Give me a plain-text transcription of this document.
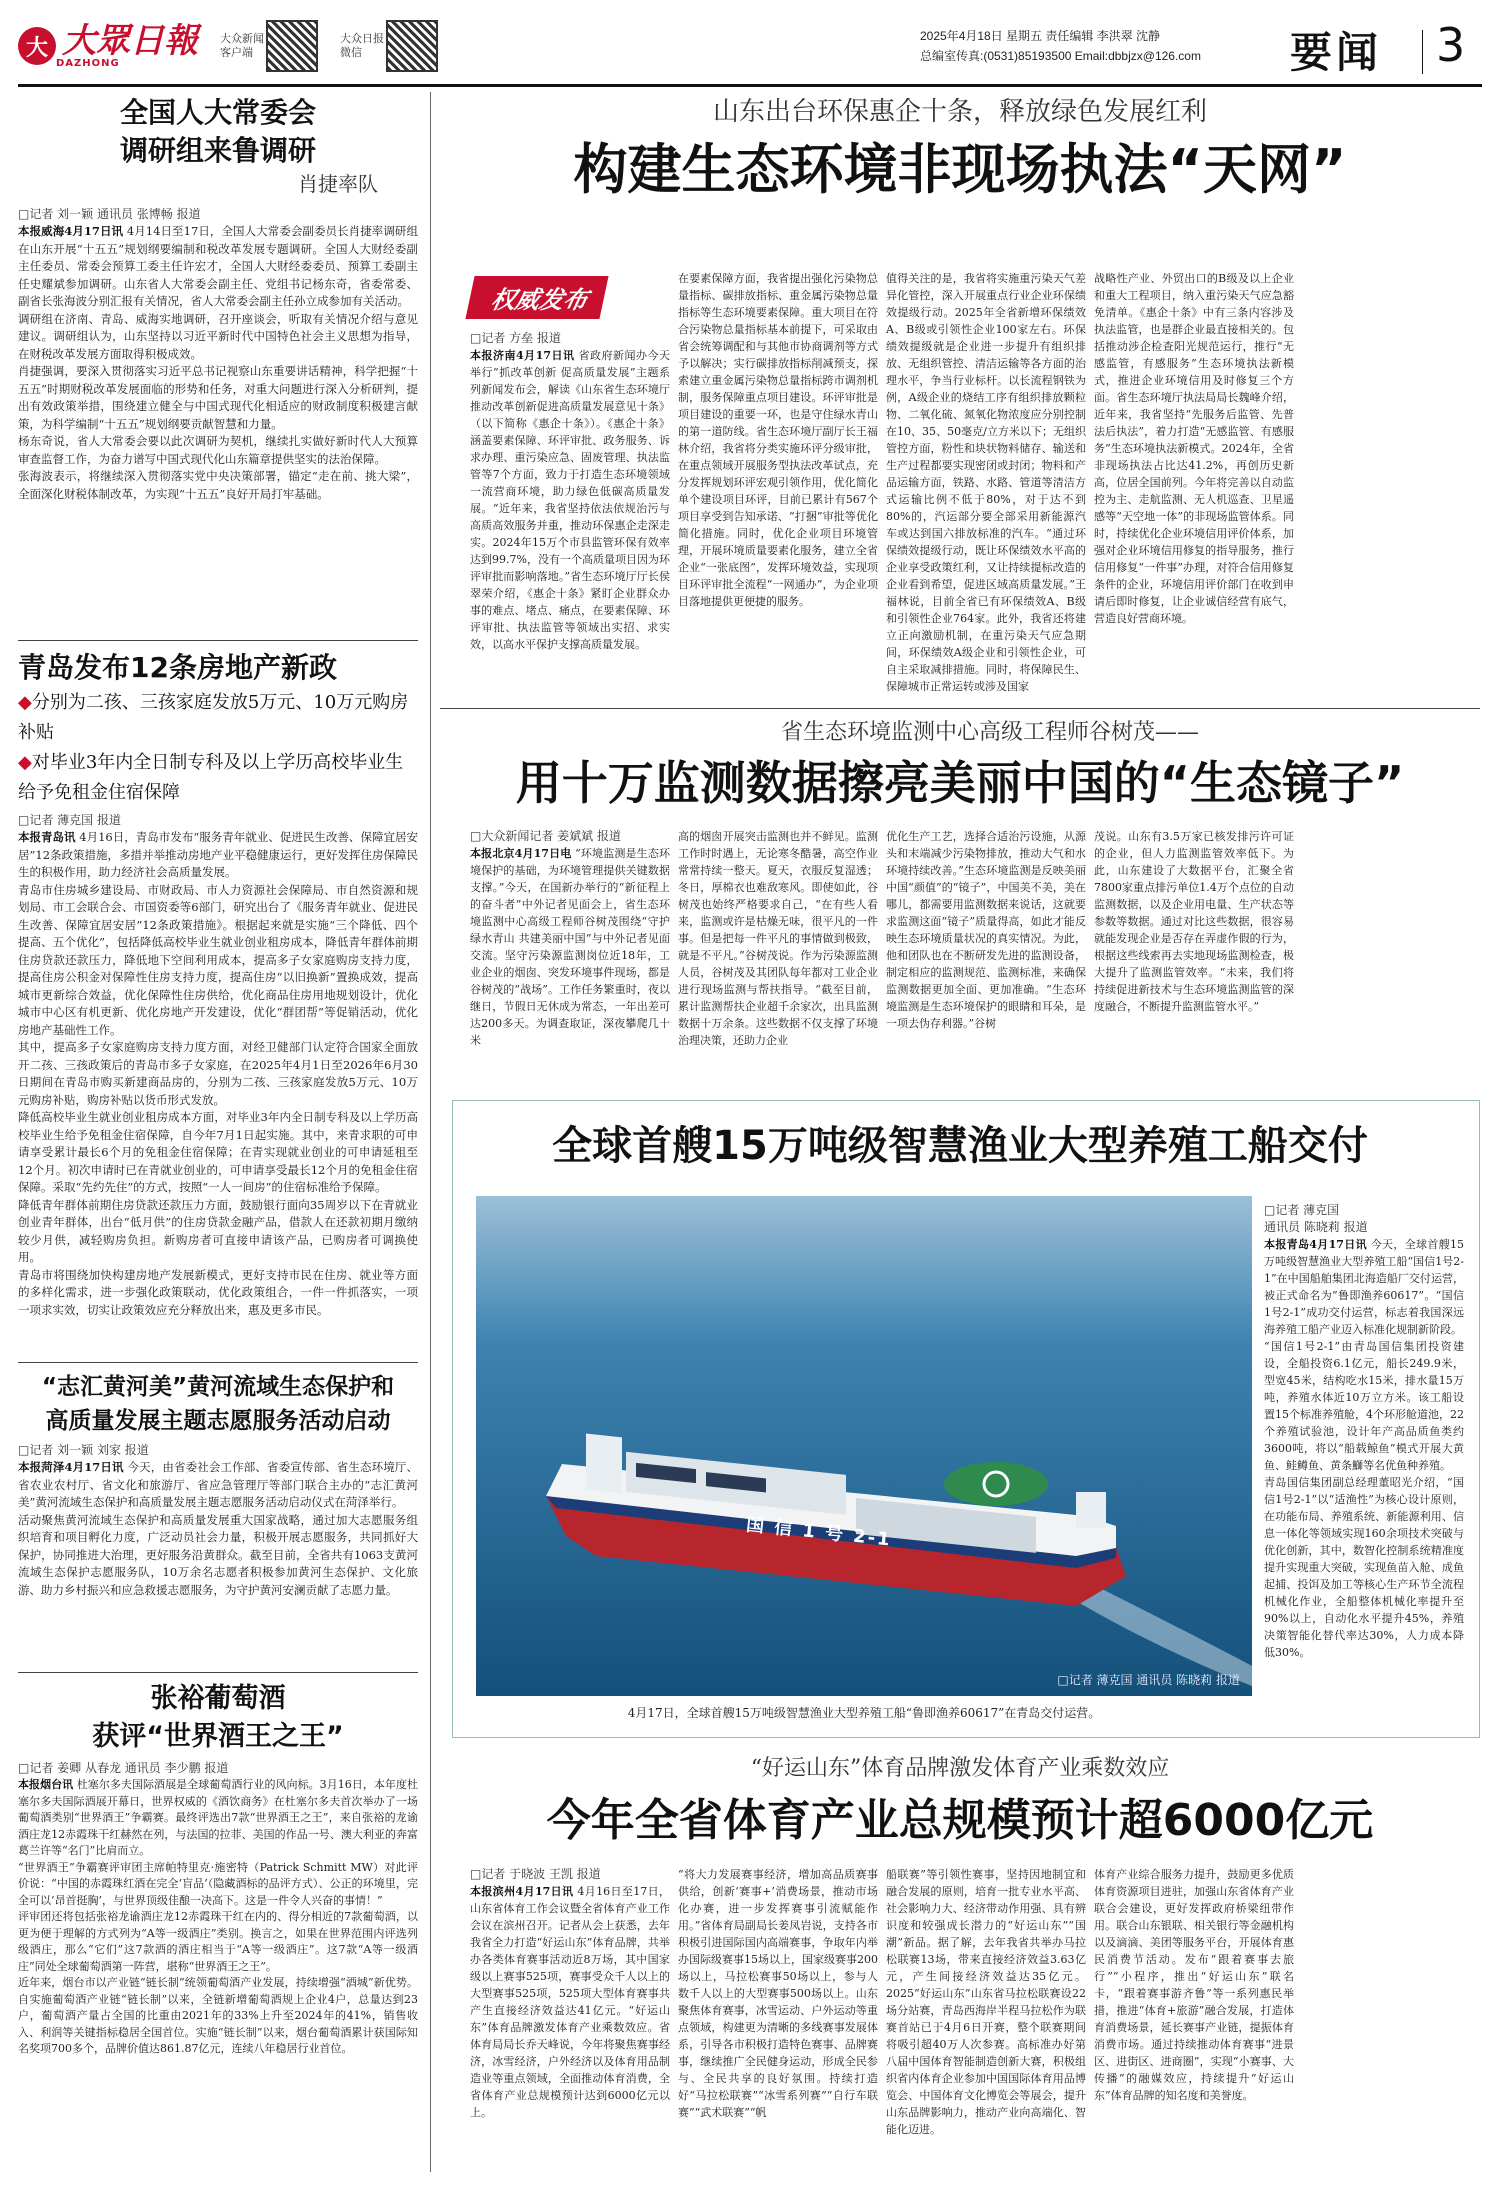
大 大眾日報
DAZHONG
大众新闻客户端
大众日报微信
2025年4月18日 星期五 责任编辑 李洪翠 沈静
总编室传真:(0531)85193500 Email:dbbjzx@126.com	要闻 3
全国人大常委会
调研组来鲁调研
肖捷率队
□记者 刘一颖 通讯员 张博畅 报道

本报威海4月17日讯 4月14日至17日，全国人大常委会副委员长肖捷率调研组在山东开展“十五五”规划纲要编制和税改革发展专题调研。全国人大财经委副主任委员、常委会预算工委主任许宏才，全国人大财经委委员、预算工委副主任史耀斌参加调研。山东省人大常委会副主任、党组书记杨东奇，省委常委、副省长张海波分别汇报有关情况，省人大常委会副主任孙立成参加有关活动。

调研组在济南、青岛、威海实地调研，召开座谈会，听取有关情况介绍与意见建议。调研组认为，山东坚持以习近平新时代中国特色社会主义思想为指导，在财税改革发展方面取得积极成效。

肖捷强调，要深入贯彻落实习近平总书记视察山东重要讲话精神，科学把握“十五五”时期财税改革发展面临的形势和任务，对重大问题进行深入分析研判，提出有效政策举措，围绕建立健全与中国式现代化相适应的财政制度积极建言献策，为科学编制“十五五”规划纲要贡献智慧和力量。

杨东奇说，省人大常委会要以此次调研为契机，继续扎实做好新时代人大预算审查监督工作，为奋力谱写中国式现代化山东篇章提供坚实的法治保障。

张海波表示，将继续深入贯彻落实党中央决策部署，锚定“走在前、挑大梁”，全面深化财税体制改革，为实现“十五五”良好开局打牢基础。

青岛发布12条房地产新政
◆分别为二孩、三孩家庭发放5万元、10万元购房补贴
◆对毕业3年内全日制专科及以上学历高校毕业生给予免租金住宿保障
□记者 薄克国 报道

本报青岛讯 4月16日，青岛市发布“服务青年就业、促进民生改善、保障宜居安居”12条政策措施，多措并举推动房地产业平稳健康运行，更好发挥住房保障民生的积极作用，助力经济社会高质量发展。

青岛市住房城乡建设局、市财政局、市人力资源社会保障局、市自然资源和规划局、市工会联合会、市国资委等6部门，研究出台了《服务青年就业、促进民生改善、保障宜居安居”12条政策措施》。根据起来就是实施“三个降低、四个提高、五个优化”，包括降低高校毕业生就业创业租房成本，降低青年群体前期住房贷款还款压力，降低地下空间利用成本，提高多子女家庭购房支持力度，提高住房公积金对保障性住房支持力度，提高住房“以旧换新”置换成效，提高城市更新综合效益，优化保障性住房供给，优化商品住房用地规划设计，优化城市中心区有机更新、优化房地产开发建设，优化“群团帮”等促销活动，优化房地产基础性工作。

其中，提高多子女家庭购房支持力度方面，对经卫健部门认定符合国家全面放开二孩、三孩政策后的青岛市多子女家庭，在2025年4月1日至2026年6月30日期间在青岛市购买新建商品房的，分别为二孩、三孩家庭发放5万元、10万元购房补贴，购房补贴以货币形式发放。

降低高校毕业生就业创业租房成本方面，对毕业3年内全日制专科及以上学历高校毕业生给予免租金住宿保障，自今年7月1日起实施。其中，来青求职的可申请享受累计最长6个月的免租金住宿保障；在青实现就业创业的可申请延租至12个月。初次申请时已在青就业创业的，可申请享受最长12个月的免租金住宿保障。采取“先约先住”的方式，按照“一人一间房”的住宿标准给予保障。

降低青年群体前期住房贷款还款压力方面，鼓励银行面向35周岁以下在青就业创业青年群体，出台“低月供”的住房贷款金融产品，借款人在还款初期月缴纳较少月供，减轻购房负担。新购房者可直接申请该产品，已购房者可调换使用。

青岛市将围绕加快构建房地产发展新模式，更好支持市民在住房、就业等方面的多样化需求，进一步强化政策联动，优化政策组合，一件一件抓落实，一项一项求实效，切实让政策效应充分释放出来，惠及更多市民。

“志汇黄河美”黄河流域生态保护和
高质量发展主题志愿服务活动启动
□记者 刘一颖 刘家 报道

本报菏泽4月17日讯 今天，由省委社会工作部、省委宣传部、省生态环境厅、省农业农村厅、省文化和旅游厅、省应急管理厅等部门联合主办的“志汇黄河美”黄河流域生态保护和高质量发展主题志愿服务活动启动仪式在菏泽举行。

活动聚焦黄河流域生态保护和高质量发展重大国家战略，通过加大志愿服务组织培育和项目孵化力度，广泛动员社会力量，积极开展志愿服务，共同抓好大保护，协同推进大治理，更好服务沿黄群众。截至目前，全省共有1063支黄河流域生态保护志愿服务队，10万余名志愿者积极参加黄河生态保护、文化旅游、助力乡村振兴和应急救援志愿服务，为守护黄河安澜贡献了志愿力量。

张裕葡萄酒
获评“世界酒王之王”
□记者 姜卿 从春龙 通讯员 李少鹏 报道

本报烟台讯 杜塞尔多夫国际酒展是全球葡萄酒行业的风向标。3月16日，本年度杜塞尔多夫国际酒展开幕日，世界权威的《酒饮商务》在杜塞尔多夫首次举办了一场葡萄酒类别“世界酒王”争霸赛。最终评选出7款“世界酒王之王”，来自张裕的龙谕酒庄龙12赤霞珠干红赫然在列，与法国的拉菲、美国的作品一号、澳大利亚的奔富葛兰许等“名门”比肩而立。

“世界酒王”争霸赛评审团主席帕特里克·施密特（Patrick Schmitt MW）对此评价说：“中国的赤霞珠红酒在完全‘盲品’（隐藏酒标的品评方式）、公正的环境里，完全可以‘昂首挺胸’，与世界顶级佳酿一决高下。这是一件令人兴奋的事情！”

评审团还将包括张裕龙谕酒庄龙12赤霞珠干红在内的、得分相近的7款葡萄酒，以更为便于理解的方式列为“A等一级酒庄”类别。换言之，如果在世界范围内评选列级酒庄，那么“它们”这7款酒的酒庄相当于“A等一级酒庄”。这7款“A等一级酒庄”同处全球葡萄酒第一阵营，堪称“世界酒王之王”。

近年来，烟台市以产业链“链长制”统领葡萄酒产业发展，持续增强“酒城”新优势。自实施葡萄酒产业链“链长制”以来，全链新增葡萄酒规上企业4户，总量达到23户，葡萄酒产量占全国的比重由2021年的33%上升至2024年的41%，销售收入、利润等关键指标稳居全国首位。实施“链长制”以来，烟台葡萄酒累计获国际知名奖项700多个，品牌价值达861.87亿元，连续八年稳居行业首位。

山东出台环保惠企十条，释放绿色发展红利
构建生态环境非现场执法“天网”
权威发布
□记者 方垒 报道

本报济南4月17日讯 省政府新闻办今天举行“抓改革创新 促高质量发展”主题系列新闻发布会，解读《山东省生态环境厅推动改革创新促进高质量发展意见十条》（以下简称《惠企十条》）。《惠企十条》涵盖要素保障、环评审批、政务服务、诉求办理、重污染应急、固废管理、执法监管等7个方面，致力于打造生态环境领域一流营商环境，助力绿色低碳高质量发展。“近年来，我省坚持依法依规治污与高质高效服务并重，推动环保惠企走深走实。2024年15万个市县监管环保有效率达到99.7%，没有一个高质量项目因为环评审批而影响落地。”省生态环境厅厅长侯翠荣介绍，《惠企十条》紧盯企业群众办事的难点、堵点、痛点，在要素保障、环评审批、执法监管等领域出实招、求实效，以高水平保护支撑高质量发展。

在要素保障方面，我省提出强化污染物总量指标、碳排放指标、重金属污染物总量指标等生态环境要素保障。重大项目在符合污染物总量指标基本前提下，可采取由省会统筹调配和与其他市协商调剂等方式予以解决；实行碳排放指标削减预支，探索建立重金属污染物总量指标跨市调剂机制，服务保障重点项目建设。环评审批是项目建设的重要一环，也是守住绿水青山的第一道防线。省生态环境厅副厅长王福林介绍，我省将分类实施环评分级审批，在重点领域开展服务型执法改革试点，充分发挥规划环评宏观引领作用，优化简化单个建设项目环评，目前已累计有567个项目享受到告知承诺、“打捆”审批等优化简化措施。同时，优化企业项目环境管理，开展环境质量要素化服务，建立全省企业“一张底图”，发挥环境效益，实现项目环评审批全流程“一网通办”，为企业项目落地提供更便捷的服务。

值得关注的是，我省将实施重污染天气差异化管控，深入开展重点行业企业环保绩效提级行动。2025年全省新增环保绩效A、B级或引领性企业100家左右。环保绩效提级就是企业进一步提升有组织排放、无组织管控、清洁运输等各方面的治理水平，争当行业标杆。以长流程钢铁为例，A级企业的烧结工序有组织排放颗粒物、二氧化硫、氮氧化物浓度应分别控制在10、35、50毫克/立方米以下；无组织管控方面，粉性和块状物料储存、输送和生产过程都要实现密闭或封闭；物料和产品运输方面，铁路、水路、管道等清洁方式运输比例不低于80%，对于达不到80%的，汽运部分要全部采用新能源汽车或达到国六排放标准的汽车。“通过环保绩效提级行动，既让环保绩效水平高的企业享受政策红利，又让持续提标改造的企业看到希望，促进区域高质量发展。”王福林说，目前全省已有环保绩效A、B级和引领性企业764家。此外，我省还将建立正向激励机制，在重污染天气应急期间，环保绩效A级企业和引领性企业，可自主采取减排措施。同时，将保障民生、保障城市正常运转或涉及国家

战略性产业、外贸出口的B级及以上企业和重大工程项目，纳入重污染天气应急豁免清单。《惠企十条》中有三条内容涉及执法监管，也是群企业最直接相关的。包括推动涉企检查阳光规范运行，推行“无感监管，有感服务”生态环境执法新模式，推进企业环境信用及时修复三个方面。省生态环境厅执法局局长魏峰介绍，近年来，我省坚持“先服务后监管、先普法后执法”，着力打造“无感监管、有感服务”生态环境执法新模式。2024年，全省非现场执法占比达41.2%，再创历史新高，位居全国前列。今年将完善以自动监控为主、走航监测、无人机巡查、卫星遥感等“天空地一体”的非现场监管体系。同时，持续优化企业环境信用评价体系，加强对企业环境信用修复的指导服务，推行信用修复“一件事”办理，对符合信用修复条件的企业，环境信用评价部门在收到申请后即时修复，让企业诚信经营有底气，营造良好营商环境。

省生态环境监测中心高级工程师谷树茂——
用十万监测数据擦亮美丽中国的“生态镜子”
□大众新闻记者 姜斌斌 报道

本报北京4月17日电 “环境监测是生态环境保护的基础，为环境管理提供关键数据支撑。”今天，在国新办举行的“新征程上的奋斗者”中外记者见面会上，省生态环境监测中心高级工程师谷树茂围绕“守护绿水青山 共建美丽中国”与中外记者见面交流。坚守污染源监测岗位近18年，工业企业的烟囱、突发环境事件现场，都是谷树茂的“战场”。工作任务繁重时，夜以继日，节假日无休成为常态，一年出差可达200多天。为调查取证，深夜攀爬几十米

高的烟囱开展突击监测也并不鲜见。监测工作时时遇上，无论寒冬酷暑，高空作业常常持续一整天。夏天，衣服反复湿透；冬日，厚棉衣也难敌寒风。即使如此，谷树茂也始终严格要求自己，“在有些人看来，监测或许是枯燥无味，很平凡的一件事。但是把每一件平凡的事情做到极致，就是不平凡。”谷树茂说。作为污染源监测人员，谷树茂及其团队每年都对工业企业进行现场监测与帮扶指导。“截至目前，累计监测帮扶企业超千余家次，出具监测数据十万余条。这些数据不仅支撑了环境治理决策，还助力企业

优化生产工艺，选择合适治污设施，从源头和末端减少污染物排放，推动大气和水环境持续改善。”生态环境监测是反映美丽中国“颜值”的“镜子”，中国美不美，美在哪儿，都需要用监测数据来说话，这就要求监测这面“镜子”质量得高，如此才能反映生态环境质量状况的真实情况。为此，他和团队也在不断研发先进的监测设备，制定相应的监测规范、监测标准，来确保监测数据更加全面、更加准确。“生态环境监测是生态环境保护的眼睛和耳朵，是一项去伪存利器。”谷树

茂说。山东有3.5万家已核发排污许可证的企业，但人力监测监管效率低下。为此，山东建设了大数据平台，汇聚全省7800家重点排污单位1.4万个点位的自动监测数据，以及企业用电量、生产状态等参数等数据。通过对比这些数据，很容易就能发现企业是否存在弄虚作假的行为，根据这些线索再去实地现场监测检查，极大提升了监测监管效率。“未来，我们将持续促进新技术与生态环境监测监管的深度融合，不断提升监测监管水平。”

全球首艘15万吨级智慧渔业大型养殖工船交付
国 信 1 号 2-1
□记者 薄克国 通讯员 陈晓莉 报道
4月17日，全球首艘15万吨级智慧渔业大型养殖工船“鲁即渔养60617”在青岛交付运营。
□记者 薄克国
通讯员 陈晓莉 报道

本报青岛4月17日讯 今天，全球首艘15万吨级智慧渔业大型养殖工船“国信1号2-1”在中国船舶集团北海造船厂交付运营，被正式命名为“鲁即渔养60617”。“国信1号2-1”成功交付运营，标志着我国深远海养殖工船产业迈入标准化规制新阶段。

“国信1号2-1”由青岛国信集团投资建设，全船投资6.1亿元，船长249.9米，型宽45米，结构吃水15米，排水量15万吨，养殖水体近10万立方米。该工船设置15个标准养殖舱，4个环形舱道池，22个养殖试验池，设计年产高品质鱼类约3600吨，将以“船载鲸鱼”模式开展大黄鱼、鲑鳟鱼、黄条鰤等名优鱼种养殖。

青岛国信集团副总经理董昭光介绍，“国信1号2-1”以“适渔性”为核心设计原则，在功能布局、养殖系统、新能源利用、信息一体化等领域实现160余项技术突破与优化创新，其中，数智化控制系统精准度提升实现重大突破，实现鱼苗入舱、成鱼起捕、投饵及加工等核心生产环节全流程机械化作业，全船整体机械化率提升至90%以上，自动化水平提升45%，养殖决策智能化替代率达30%，人力成本降低30%。

“好运山东”体育品牌激发体育产业乘数效应
今年全省体育产业总规模预计超6000亿元
□记者 于晓波 王凯 报道

本报滨州4月17日讯 4月16日至17日，山东省体育工作会议暨全省体育产业工作会议在滨州召开。记者从会上获悉，去年我省全力打造“好运山东”体育品牌，共举办各类体育赛事活动近8万场，其中国家级以上赛事525项，赛事受众千人以上的大型赛事525项，525项大型体育赛事共产生直接经济效益达41亿元。“好运山东”体育品牌激发体育产业乘数效应。省体育局局长乔天峰说，今年将聚焦赛事经济，冰雪经济，户外经济以及体育用品制造业等重点领域，全面推动体育消费，全省体育产业总规模预计达到6000亿元以上。

“将大力发展赛事经济，增加高品质赛事供给，创新‘赛事+’消费场景，推动市场化办赛，进一步发挥赛事引流赋能作用。”省体育局副局长姜凤岩说，支持各市积极引进国际国内高端赛事，争取年内举办国际级赛事15场以上，国家级赛事200场以上，马拉松赛事50场以上，参与人数千人以上的大型赛事500场以上。山东聚焦体育赛事，冰雪运动、户外运动等重点领域，构建更为清晰的多线赛事发展体系，引导各市积极打造特色赛事、品牌赛事，继续推广全民健身运动，形成全民参与、全民共享的良好氛围。持续打造好“马拉松联赛”“冰雪系列赛”“自行车联赛”“武术联赛”“帆

船联赛”等引领性赛事，坚持因地制宜和融合发展的原则，培育一批专业水平高、社会影响力大、经济带动作用强、具有辨识度和较强成长潜力的“好运山东”“国潮”新品。据了解，去年我省共举办马拉松联赛13场，带来直接经济效益3.63亿元，产生间接经济效益达35亿元。2025“好运山东”山东省马拉松联赛设22场分站赛，青岛西海岸半程马拉松作为联赛首站已于4月6日开赛，整个联赛期间将吸引超40万人次参赛。高标准办好第八届中国体育智能制造创新大赛，积极组织省内体育企业参加中国国际体育用品博览会、中国体育文化博览会等展会，提升山东品牌影响力，推动产业向高端化、智能化迈进。

体育产业综合服务力提升，鼓励更多优质体育资源项目进驻，加强山东省体育产业联合会建设，更好发挥政府桥梁纽带作用。联合山东银联、相关银行等金融机构以及滴滴、美团等服务平台，开展体育惠民消费节活动。发布“跟着赛事去旅行”“小程序，推出“好运山东”联名卡，“跟着赛事游齐鲁”等一系列惠民举措，推进“体育+旅游”融合发展，打造体育消费场景，延长赛事产业链，提振体育消费市场。通过持续推动体育赛事“进景区、进街区、进商圈”，实现“小赛事、大传播”的融媒效应，持续提升“好运山东”体育品牌的知名度和美誉度。
